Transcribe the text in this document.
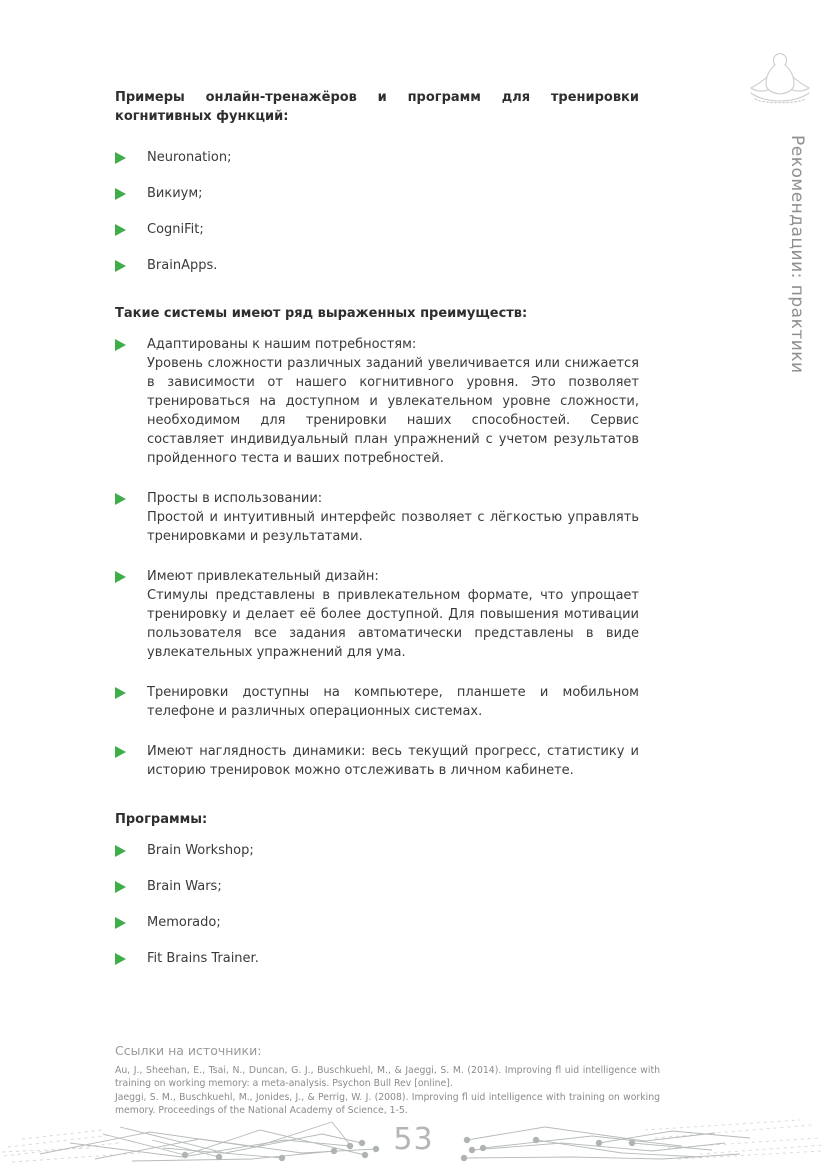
Рекомендации: практики

Примеры онлайн-тренажёров и программ для тренировки когнитивных функций:

Neuronation;
Викиум;
CogniFit;
BrainApps.

Такие системы имеют ряд выраженных преимуществ:

Адаптированы к нашим потребностям:

Уровень сложности различных заданий увеличивается или снижается в зависимости от нашего когнитивного уровня. Это позволяет тренироваться на доступном и увлекательном уровне сложности, необходимом для тренировки наших способностей. Сервис составляет индивидуальный план упражнений с учетом результатов пройденного теста и ваших потребностей.

Просты в использовании:

Простой и интуитивный интерфейс позволяет с лёгкостью управлять тренировками и результатами.

Имеют привлекательный дизайн:

Стимулы представлены в привлекательном формате, что упрощает тренировку и делает её более доступной. Для повышения мотивации пользователя все задания автоматически представлены в виде увлекательных упражнений для ума.

Тренировки доступны на компьютере, планшете и мобильном телефоне и различных операционных системах.

Имеют наглядность динамики: весь текущий прогресс, статистику и историю тренировок можно отслеживать в личном кабинете.

Программы:

Brain Workshop;
Brain Wars;
Memorado;
Fit Brains Trainer.

Ссылки на источники:

Au, J., Sheehan, E., Tsai, N., Duncan, G. J., Buschkuehl, M., & Jaeggi, S. M. (2014). Improving fl uid intelligence with training on working memory: a meta-analysis. Psychon Bull Rev [online].

Jaeggi, S. M., Buschkuehl, M., Jonides, J., & Perrig, W. J. (2008). Improving fl uid intelligence with training on working memory. Proceedings of the National Academy of Science, 1-5.

53
